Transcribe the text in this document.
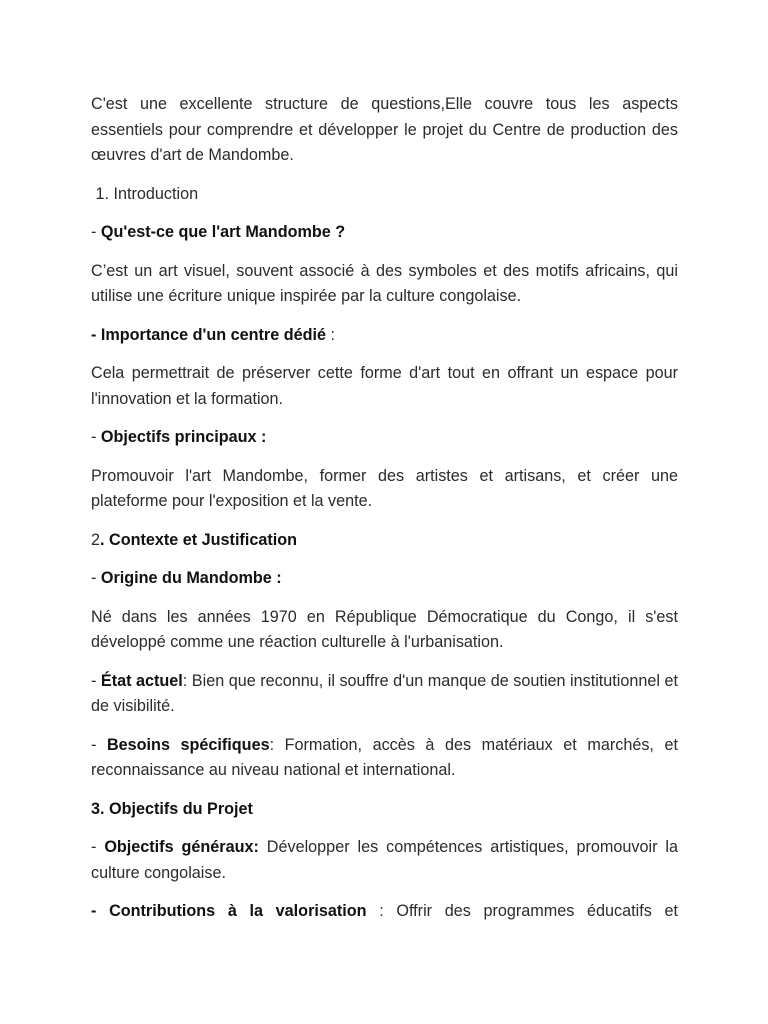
C'est une excellente structure de questions,Elle couvre tous les aspects essentiels pour comprendre et développer le projet du Centre de production des œuvres d'art de Mandombe.

1. Introduction

- Qu'est-ce que l'art Mandombe ?

C’est un art visuel, souvent associé à des symboles et des motifs africains, qui utilise une écriture unique inspirée par la culture congolaise.

- Importance d'un centre dédié :

Cela permettrait de préserver cette forme d'art tout en offrant un espace pour l'innovation et la formation.

- Objectifs principaux :

Promouvoir l'art Mandombe, former des artistes et artisans, et créer une plateforme pour l'exposition et la vente.

2. Contexte et Justification

- Origine du Mandombe :

Né dans les années 1970 en République Démocratique du Congo, il s'est développé comme une réaction culturelle à l'urbanisation.

- État actuel: Bien que reconnu, il souffre d'un manque de soutien institutionnel et de visibilité.

- Besoins spécifiques: Formation, accès à des matériaux et marchés, et reconnaissance au niveau national et international.

3. Objectifs du Projet

- Objectifs généraux: Développer les compétences artistiques, promouvoir la culture congolaise.

- Contributions à la valorisation : Offrir des programmes éducatifs et
